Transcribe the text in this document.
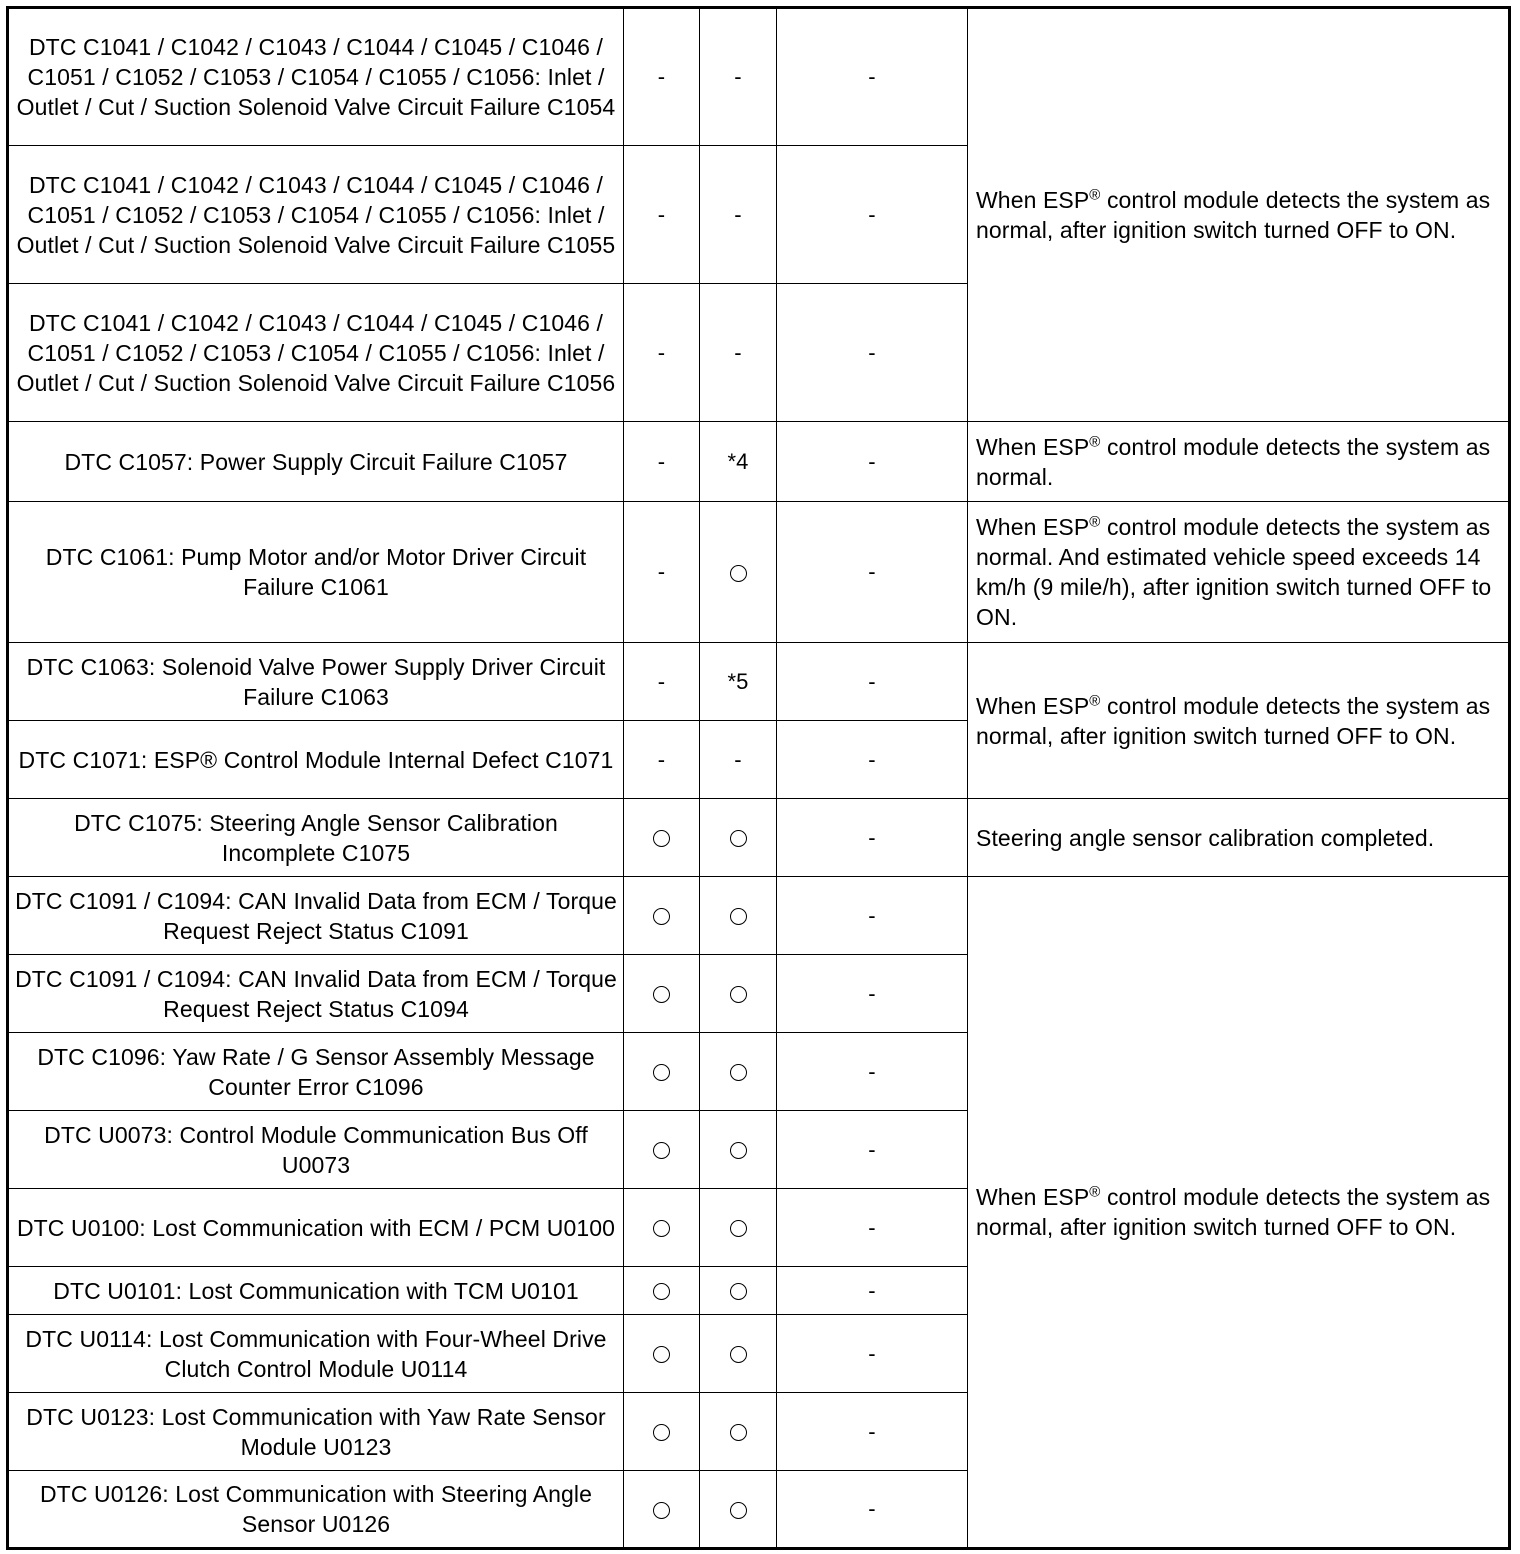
DTC C1041 / C1042 / C1043 / C1044 / C1045 / C1046 / C1051 / C1052 / C1053 / C1054 / C1055 / C1056: Inlet / Outlet / Cut / Suction Solenoid Valve Circuit Failure C1054	-	-	-	When ESP® control module detects the system as normal, after ignition switch turned OFF to ON.
DTC C1041 / C1042 / C1043 / C1044 / C1045 / C1046 / C1051 / C1052 / C1053 / C1054 / C1055 / C1056: Inlet / Outlet / Cut / Suction Solenoid Valve Circuit Failure C1055	-	-	-	
DTC C1041 / C1042 / C1043 / C1044 / C1045 / C1046 / C1051 / C1052 / C1053 / C1054 / C1055 / C1056: Inlet / Outlet / Cut / Suction Solenoid Valve Circuit Failure C1056	-	-	-	
DTC C1057: Power Supply Circuit Failure C1057	-	*4	-	When ESP® control module detects the system as normal.
DTC C1061: Pump Motor and/or Motor Driver Circuit Failure C1061	-		-	When ESP® control module detects the system as normal. And estimated vehicle speed exceeds 14 km/h (9 mile/h), after ignition switch turned OFF to ON.
DTC C1063: Solenoid Valve Power Supply Driver Circuit Failure C1063	-	*5	-	When ESP® control module detects the system as normal, after ignition switch turned OFF to ON.
DTC C1071: ESP® Control Module Internal Defect C1071	-	-	-	
DTC C1075: Steering Angle Sensor Calibration Incomplete C1075			-	Steering angle sensor calibration completed.
DTC C1091 / C1094: CAN Invalid Data from ECM / Torque Request Reject Status C1091			-	When ESP® control module detects the system as normal, after ignition switch turned OFF to ON.
DTC C1091 / C1094: CAN Invalid Data from ECM / Torque Request Reject Status C1094			-	
DTC C1096: Yaw Rate / G Sensor Assembly Message Counter Error C1096			-	
DTC U0073: Control Module Communication Bus Off U0073			-	
DTC U0100: Lost Communication with ECM / PCM U0100			-	
DTC U0101: Lost Communication with TCM U0101			-	
DTC U0114: Lost Communication with Four-Wheel Drive Clutch Control Module U0114			-	
DTC U0123: Lost Communication with Yaw Rate Sensor Module U0123			-	
DTC U0126: Lost Communication with Steering Angle Sensor U0126			-	
